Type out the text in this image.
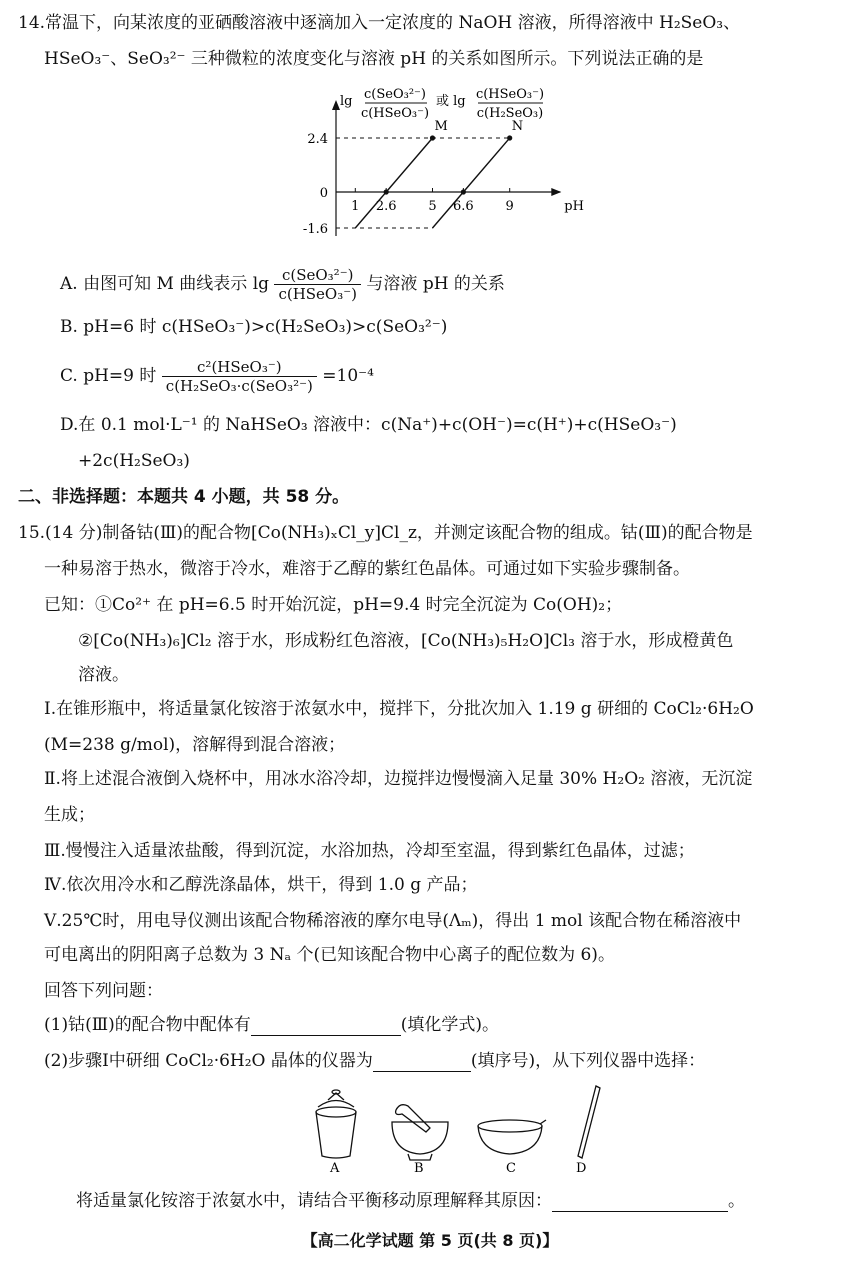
14.常温下，向某浓度的亚硒酸溶液中逐滴加入一定浓度的 NaOH 溶液，所得溶液中 H₂SeO₃、
HSeO₃⁻、SeO₃²⁻ 三种微粒的浓度变化与溶液 pH 的关系如图所示。下列说法正确的是
lg c(SeO₃²⁻)
c(HSeO₃⁻)
或 lg c(HSeO₃⁻)
c(H₂SeO₃)
pH
1 2.6 5 6.6 9
2.4
0
-1.6
M	N
A. 由图可知 M 曲线表示 $\lg \frac{\text{c(SeO₃²⁻)}}{\text{c(HSeO₃⁻)}}$ 与溶液 pH 的关系
B. pH=6 时 c(HSeO₃⁻)>c(H₂SeO₃)>c(SeO₃²⁻)
C. pH=9 时 $\frac{\text{c²(HSeO₃⁻)}}{\text{c(H₂SeO₃·c(SeO₃²⁻)}} =10^{-4}$
D.在 0.1 mol·L⁻¹ 的 NaHSeO₃ 溶液中：c(Na⁺)+c(OH⁻)=c(H⁺)+c(HSeO₃⁻)
+2c(H₂SeO₃)
二、非选择题：本题共 4 小题，共 58 分。
15.(14 分)制备钴(Ⅲ)的配合物[Co(NH₃)ₓCl_y]Cl_z，并测定该配合物的组成。钴(Ⅲ)的配合物是
一种易溶于热水，微溶于冷水，难溶于乙醇的紫红色晶体。可通过如下实验步骤制备。
已知：①Co²⁺ 在 pH=6.5 时开始沉淀，pH=9.4 时完全沉淀为 Co(OH)₂；
②[Co(NH₃)₆]Cl₂ 溶于水，形成粉红色溶液，[Co(NH₃)₅H₂O]Cl₃ 溶于水，形成橙黄色
溶液。
Ⅰ.在锥形瓶中，将适量氯化铵溶于浓氨水中，搅拌下，分批次加入 1.19 g 研细的 CoCl₂·6H₂O
(M=238 g/mol)，溶解得到混合溶液；
Ⅱ.将上述混合液倒入烧杯中，用冰水浴冷却，边搅拌边慢慢滴入足量 30% H₂O₂ 溶液，无沉淀
生成；
Ⅲ.慢慢注入适量浓盐酸，得到沉淀，水浴加热，冷却至室温，得到紫红色晶体，过滤；
Ⅳ.依次用冷水和乙醇洗涤晶体，烘干，得到 1.0 g 产品；
Ⅴ.25℃时，用电导仪测出该配合物稀溶液的摩尔电导(Λₘ)，得出 1 mol 该配合物在稀溶液中
可电离出的阴阳离子总数为 3 Nₐ 个(已知该配合物中心离子的配位数为 6)。
回答下列问题：
(1)钴(Ⅲ)的配合物中配体有	(填化学式)。
(2)步骤Ⅰ中研细 CoCl₂·6H₂O 晶体的仪器为	(填序号)，从下列仪器中选择：
A	B	C	D
将适量氯化铵溶于浓氨水中，请结合平衡移动原理解释其原因：	。
【高二化学试题 第 5 页(共 8 页)】
